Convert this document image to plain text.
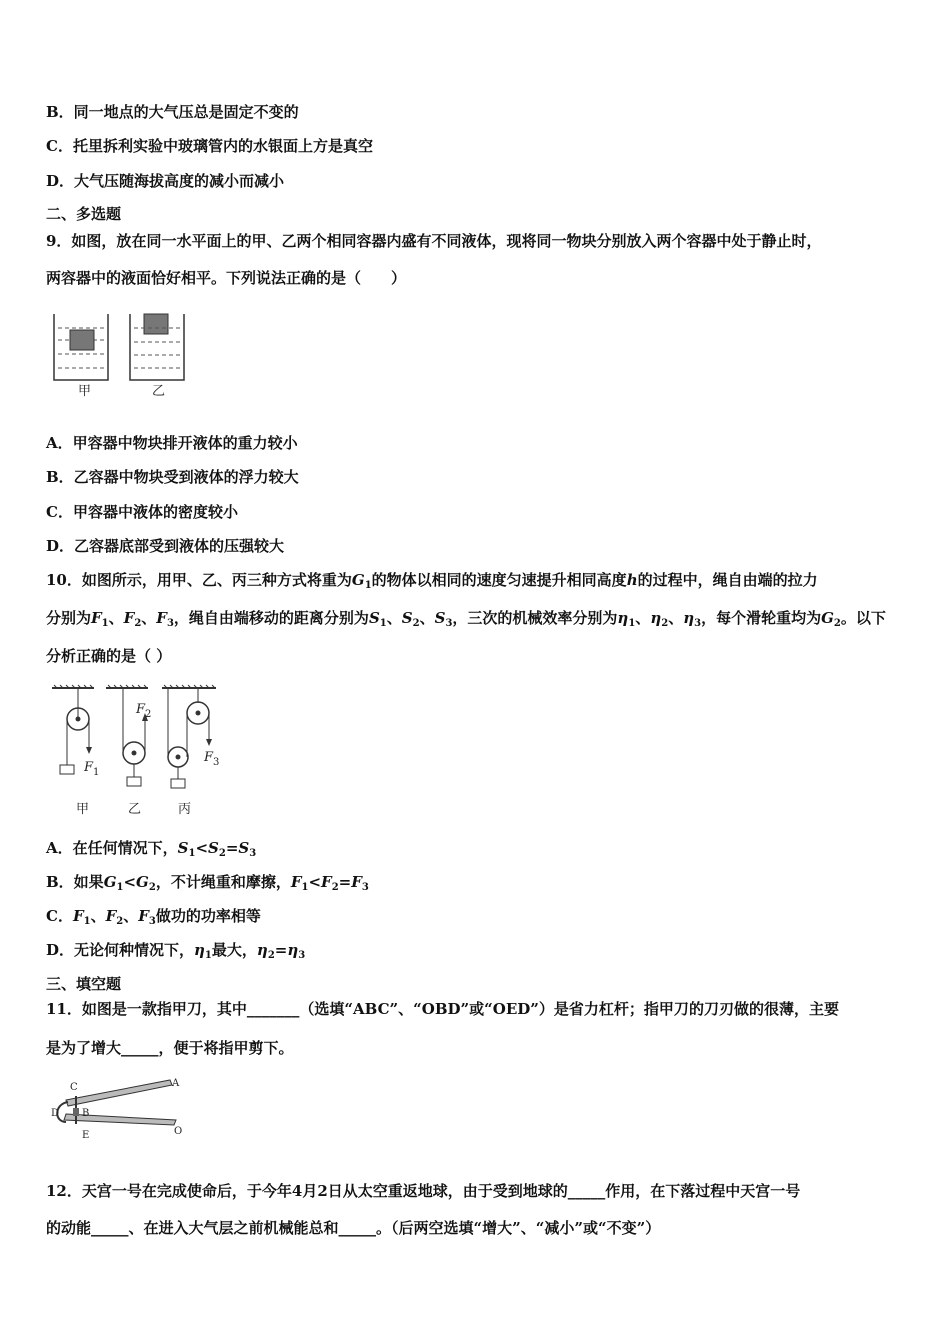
B．同一地点的大气压总是固定不变的
C．托里拆利实验中玻璃管内的水银面上方是真空
D．大气压随海拔高度的减小而减小
二、多选题
9．如图，放在同一水平面上的甲、乙两个相同容器内盛有不同液体，现将同一物块分别放入两个容器中处于静止时，
两容器中的液面恰好相平。下列说法正确的是（　　）
甲	乙
A．甲容器中物块排开液体的重力较小
B．乙容器中物块受到液体的浮力较大
C．甲容器中液体的密度较小
D．乙容器底部受到液体的压强较大
10．如图所示，用甲、乙、丙三种方式将重为$G_1$的物体以相同的速度匀速提升相同高度h的过程中，绳自由端的拉力
分别为$F_1$、$F_2$、$F_3$，绳自由端移动的距离分别为$S_1$、$S_2$、$S_3$，三次的机械效率分别为$\eta_1$、$\eta_2$、$\eta_3$，每个滑轮重均为$G_2$。以下
分析正确的是（ ）
F 1
F 2
F 3
甲	乙	丙
A．在任何情况下，$S_1<S_2=S_3$
B．如果$G_1<G_2$，不计绳重和摩擦，$F_1<F_2=F_3$
C．$F_1$、$F_2$、$F_3$做功的功率相等
D．无论何种情况下，$\eta_1$最大，$\eta_2=\eta_3$
三、填空题
11．如图是一款指甲刀，其中_______（选填“ABC”、“OBD”或“OED”）是省力杠杆；指甲刀的刀刃做的很薄，主要
是为了增大_____，便于将指甲剪下。
C	A
B
D
E	O
12．天宫一号在完成使命后，于今年4月2日从太空重返地球，由于受到地球的_____作用，在下落过程中天宫一号
的动能_____、在进入大气层之前机械能总和_____。（后两空选填“增大”、“减小”或“不变”）
